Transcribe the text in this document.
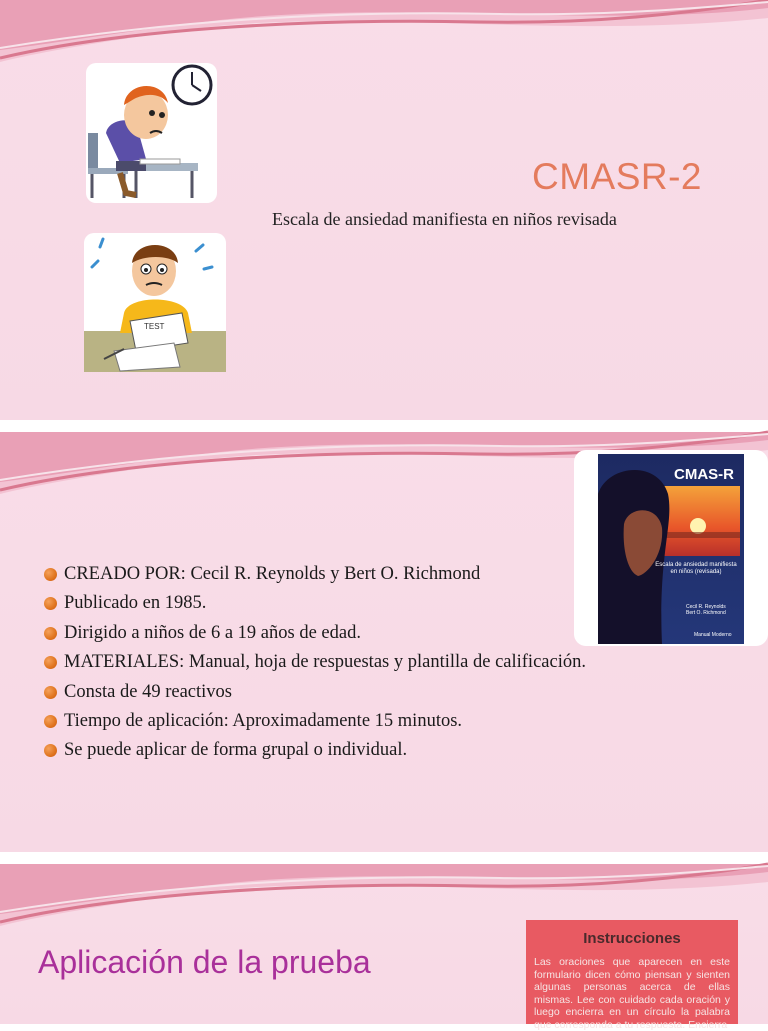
TEST
CMASR-2
Escala de ansiedad manifiesta en niños revisada
CREADO POR: Cecil R. Reynolds y Bert O. Richmond
Publicado en 1985.
Dirigido a niños de 6 a 19 años de edad.
MATERIALES: Manual, hoja de respuestas y plantilla de calificación.
Consta de 49 reactivos
Tiempo de aplicación: Aproximadamente 15 minutos.
Se puede aplicar de forma grupal o individual.
CMAS-R
Escala de ansiedad manifiesta en niños (revisada)
Cecil R. Reynolds
Bert O. Richmond
Manual Moderno
Aplicación de la prueba
Instrucciones
Las oraciones que aparecen en este formulario dicen cómo piensan y sienten algunas personas acerca de ellas mismas. Lee con cuidado cada oración y luego encierra en un círculo la palabra que corresponda a tu respuesta. Encierra
